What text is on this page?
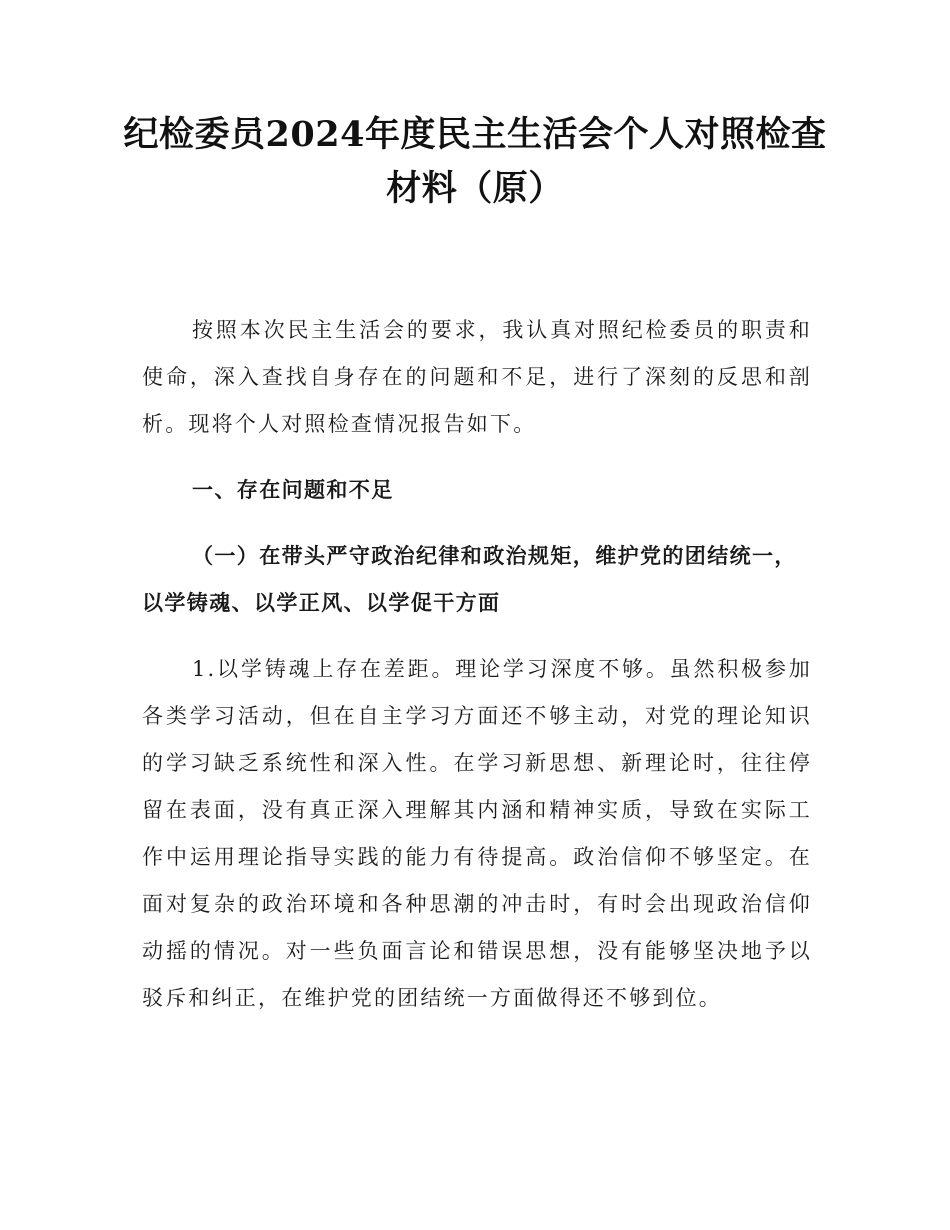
纪检委员2024年度民主生活会个人对照检查材料（原）
按照本次民主生活会的要求，我认真对照纪检委员的职责和使命，深入查找自身存在的问题和不足，进行了深刻的反思和剖析。现将个人对照检查情况报告如下。
一、存在问题和不足
（一）在带头严守政治纪律和政治规矩，维护党的团结统一，以学铸魂、以学正风、以学促干方面
1.以学铸魂上存在差距。理论学习深度不够。虽然积极参加各类学习活动，但在自主学习方面还不够主动，对党的理论知识的学习缺乏系统性和深入性。在学习新思想、新理论时，往往停留在表面，没有真正深入理解其内涵和精神实质，导致在实际工作中运用理论指导实践的能力有待提高。政治信仰不够坚定。在面对复杂的政治环境和各种思潮的冲击时，有时会出现政治信仰动摇的情况。对一些负面言论和错误思想，没有能够坚决地予以驳斥和纠正，在维护党的团结统一方面做得还不够到位。
